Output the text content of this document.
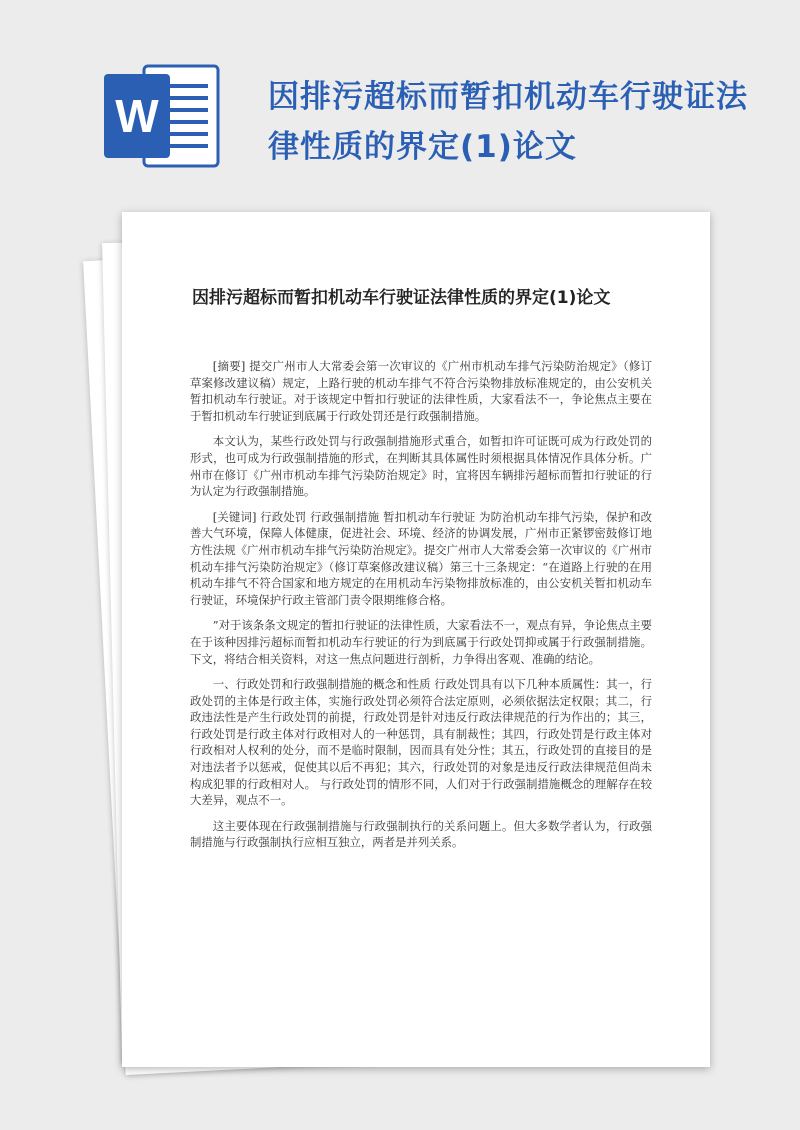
W	因排污超标而暂扣机动车行驶证法律性质的界定(1)论文
因排污超标而暂扣机动车行驶证法律性质的界定(1)论文

[摘要] 提交广州市人大常委会第一次审议的《广州市机动车排气污染防治规定》（修订草案修改建议稿）规定，上路行驶的机动车排气不符合污染物排放标准规定的，由公安机关暂扣机动车行驶证。对于该规定中暂扣行驶证的法律性质，大家看法不一，争论焦点主要在于暂扣机动车行驶证到底属于行政处罚还是行政强制措施。

本文认为，某些行政处罚与行政强制措施形式重合，如暂扣许可证既可成为行政处罚的形式，也可成为行政强制措施的形式，在判断其具体属性时须根据具体情况作具体分析。广州市在修订《广州市机动车排气污染防治规定》时，宜将因车辆排污超标而暂扣行驶证的行为认定为行政强制措施。

[关键词] 行政处罚 行政强制措施 暂扣机动车行驶证 为防治机动车排气污染，保护和改善大气环境，保障人体健康，促进社会、环境、经济的协调发展，广州市正紧锣密鼓修订地方性法规《广州市机动车排气污染防治规定》。提交广州市人大常委会第一次审议的《广州市机动车排气污染防治规定》（修订草案修改建议稿）第三十三条规定：“在道路上行驶的在用机动车排气不符合国家和地方规定的在用机动车污染物排放标准的，由公安机关暂扣机动车行驶证，环境保护行政主管部门责令限期维修合格。

”对于该条条文规定的暂扣行驶证的法律性质，大家看法不一，观点有异，争论焦点主要在于该种因排污超标而暂扣机动车行驶证的行为到底属于行政处罚抑或属于行政强制措施。下文，将结合相关资料，对这一焦点问题进行剖析，力争得出客观、准确的结论。

一、行政处罚和行政强制措施的概念和性质 行政处罚具有以下几种本质属性：其一，行政处罚的主体是行政主体，实施行政处罚必须符合法定原则，必须依据法定权限；其二，行政违法性是产生行政处罚的前提，行政处罚是针对违反行政法律规范的行为作出的；其三，行政处罚是行政主体对行政相对人的一种惩罚，具有制裁性；其四，行政处罚是行政主体对行政相对人权利的处分，而不是临时限制，因而具有处分性；其五，行政处罚的直接目的是对违法者予以惩戒，促使其以后不再犯；其六，行政处罚的对象是违反行政法律规范但尚未构成犯罪的行政相对人。 与行政处罚的情形不同，人们对于行政强制措施概念的理解存在较大差异，观点不一。

这主要体现在行政强制措施与行政强制执行的关系问题上。但大多数学者认为，行政强制措施与行政强制执行应相互独立，两者是并列关系。
